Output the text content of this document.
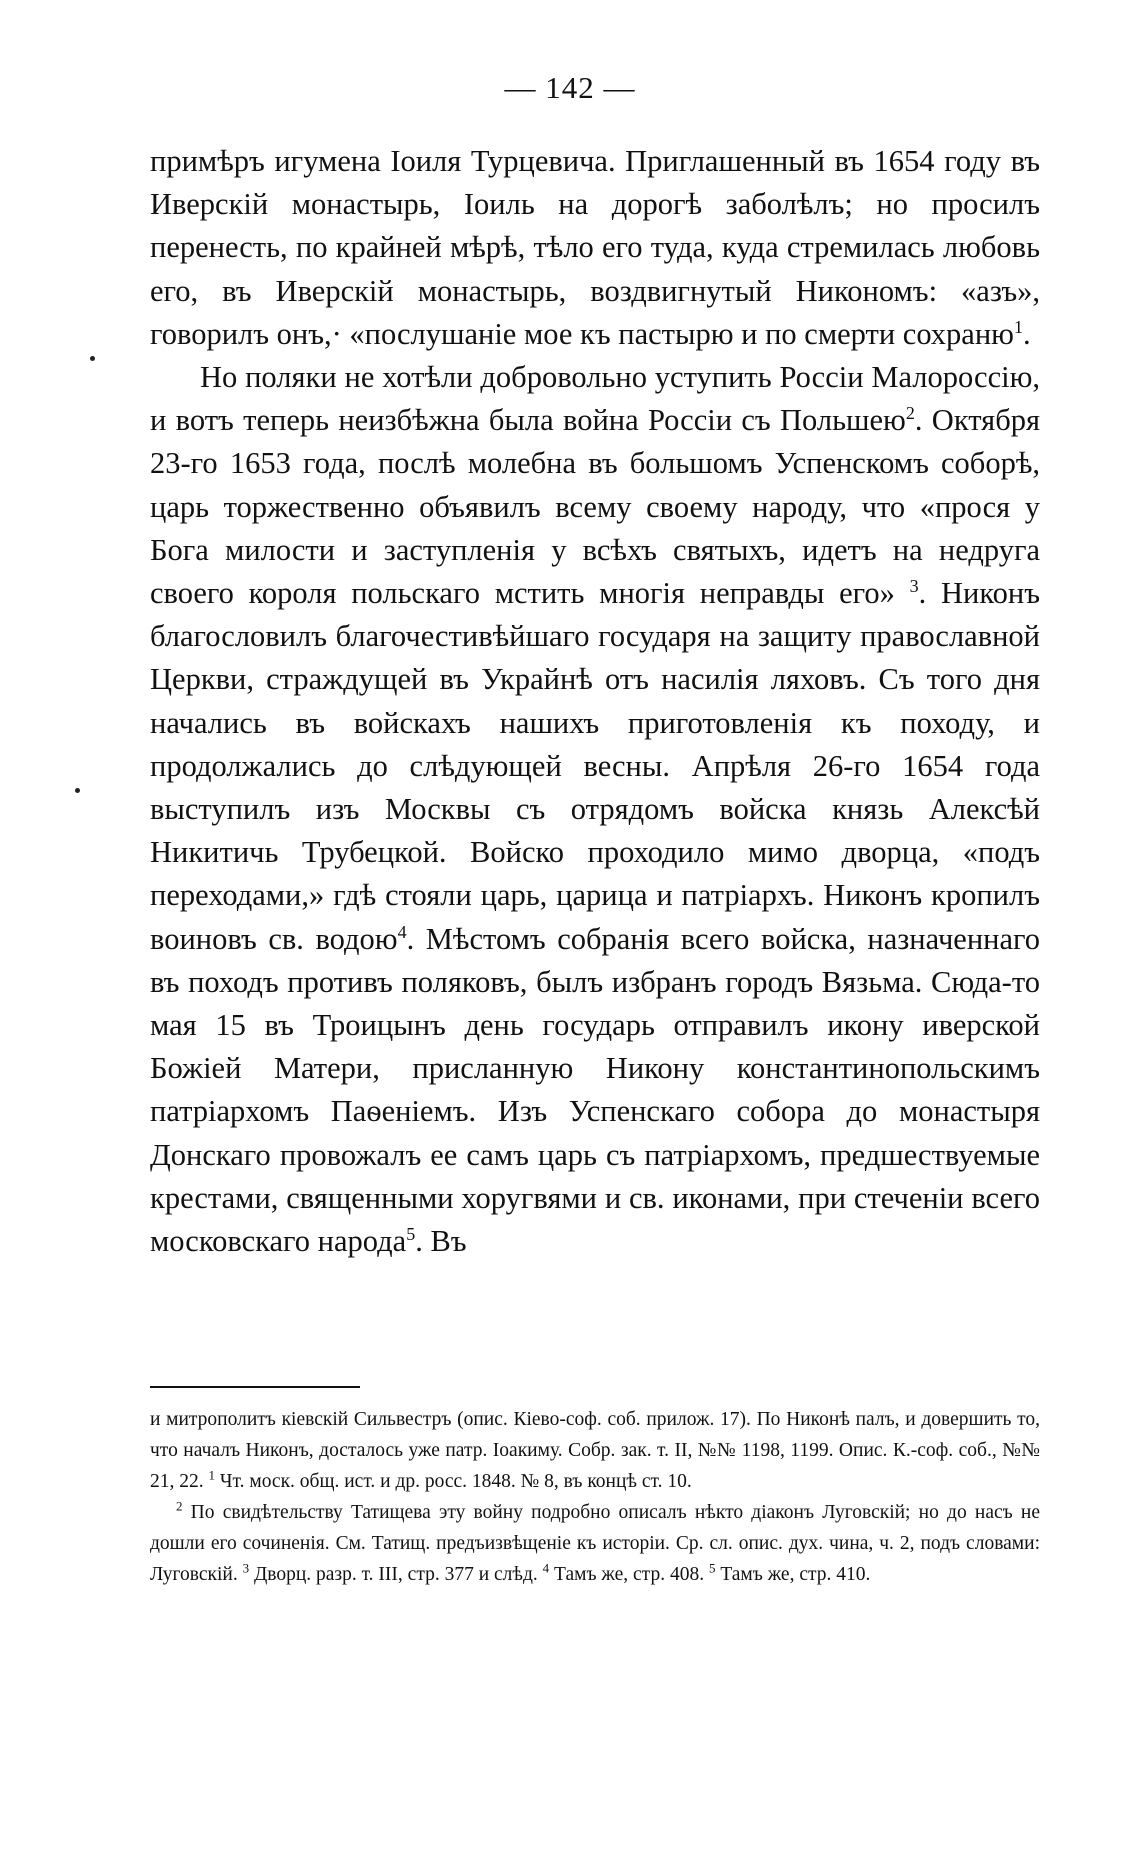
— 142 —

примѣръ игумена Іоиля Турцевича. Приглашенный въ 1654 году въ Иверскій монастырь, Іоиль на дорогѣ заболѣлъ; но просилъ перенесть, по крайней мѣрѣ, тѣло его туда, куда стремилась любовь его, въ Иверскій монастырь, воздвигнутый Никономъ: «азъ», говорилъ онъ,· «послушаніе мое къ пастырю и по смерти сохраню$^1$.

Но поляки не хотѣли добровольно уступить Россіи Малороссію, и вотъ теперь неизбѣжна была война Россіи съ Польшею$^2$. Октября 23-го 1653 года, послѣ молебна въ большомъ Успенскомъ соборѣ, царь торжественно объявилъ всему своему народу, что «прося у Бога милости и заступленія у всѣхъ святыхъ, идетъ на недруга своего короля польскаго мстить многія неправды его» $^3$. Никонъ благословилъ благочестивѣйшаго государя на защиту православной Церкви, страждущей въ Украйнѣ отъ насилія ляховъ. Съ того дня начались въ войскахъ нашихъ приготовленія къ походу, и продолжались до слѣдующей весны. Апрѣля 26-го 1654 года выступилъ изъ Москвы съ отрядомъ войска князь Алексѣй Никитичь Трубецкой. Войско проходило мимо дворца, «подъ переходами,» гдѣ стояли царь, царица и патріархъ. Никонъ кропилъ воиновъ св. водою$^4$. Мѣстомъ собранія всего войска, назначеннаго въ походъ противъ поляковъ, былъ избранъ городъ Вязьма. Сюда-то мая 15 въ Троицынъ день государь отправилъ икону иверской Божіей Матери, присланную Никону константинопольскимъ патріархомъ Паѳеніемъ. Изъ Успенскаго собора до монастыря Донскаго провожалъ ее самъ царь съ патріархомъ, предшествуемые крестами, священными хоругвями и св. иконами, при стеченіи всего московскаго народа$^5$. Въ

и митрополитъ кіевскій Сильвестръ (опис. Кіево-соф. соб. прилож. 17). По Никонѣ палъ, и довершить то, что началъ Никонъ, досталось уже патр. Іоакиму. Собр. зак. т. II, №№ 1198, 1199. Опис. К.-соф. соб., №№ 21, 22. $^1$ Чт. моск. общ. ист. и др. росс. 1848. № 8, въ концѣ ст. 10.

$^2$ По свидѣтельству Татищева эту войну подробно описалъ нѣкто діаконъ Луговскій; но до насъ не дошли его сочиненія. См. Татищ. предъизвѣщеніе къ исторіи. Ср. сл. опис. дух. чина, ч. 2, подъ словами: Луговскій. $^3$ Дворц. разр. т. III, стр. 377 и слѣд. $^4$ Тамъ же, стр. 408. $^5$ Тамъ же, стр. 410.
